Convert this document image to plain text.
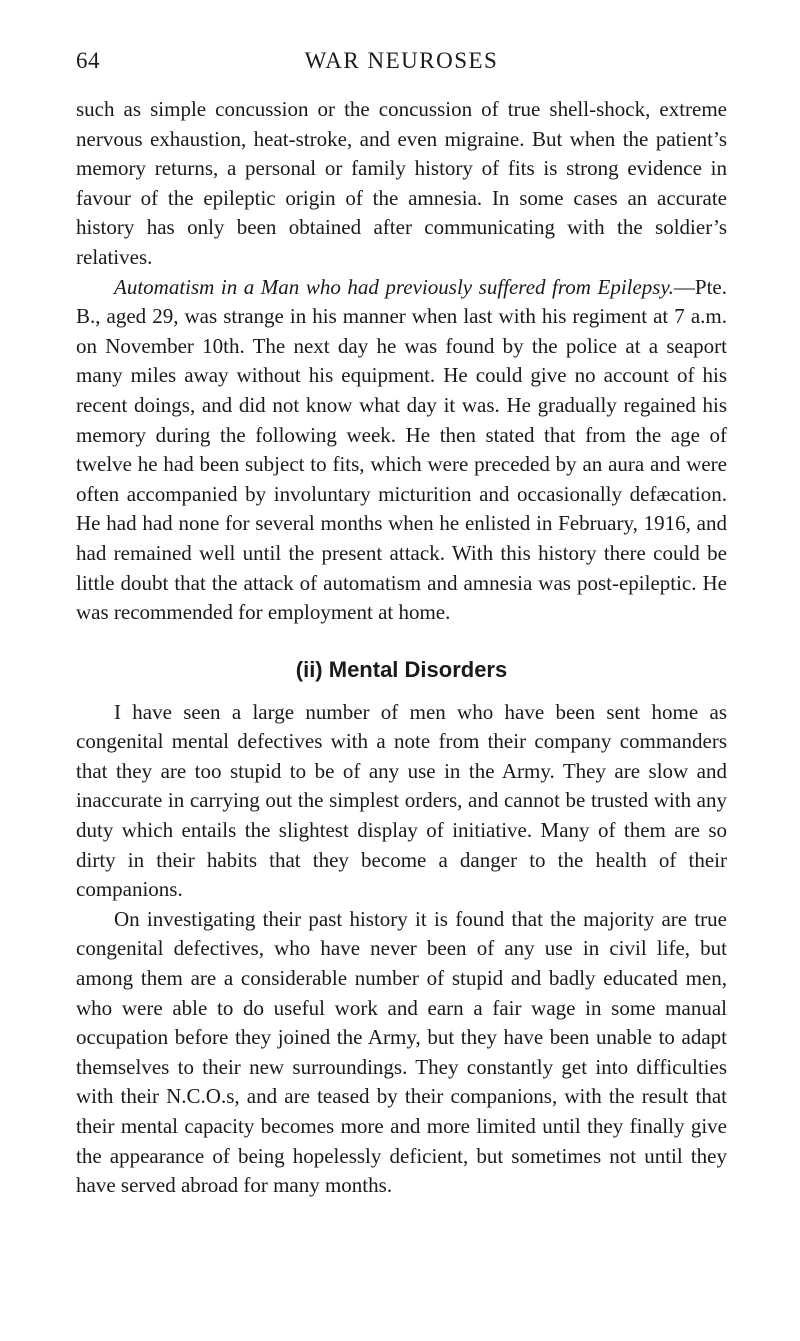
64	WAR NEUROSES

such as simple concussion or the concussion of true shell-shock, extreme nervous exhaustion, heat-stroke, and even migraine. But when the patient’s memory returns, a personal or family history of fits is strong evidence in favour of the epileptic origin of the amnesia. In some cases an accurate history has only been obtained after communicating with the soldier’s relatives.

Automatism in a Man who had previously suffered from Epilepsy.—Pte. B., aged 29, was strange in his manner when last with his regiment at 7 a.m. on November 10th. The next day he was found by the police at a seaport many miles away without his equipment. He could give no account of his recent doings, and did not know what day it was. He gradually regained his memory during the following week. He then stated that from the age of twelve he had been subject to fits, which were preceded by an aura and were often accompanied by involuntary micturition and occasionally defæcation. He had had none for several months when he enlisted in February, 1916, and had remained well until the present attack. With this history there could be little doubt that the attack of automatism and amnesia was post-epileptic. He was recommended for employment at home.

(ii) Mental Disorders

I have seen a large number of men who have been sent home as congenital mental defectives with a note from their company commanders that they are too stupid to be of any use in the Army. They are slow and inaccurate in carrying out the simplest orders, and cannot be trusted with any duty which entails the slightest display of initiative. Many of them are so dirty in their habits that they become a danger to the health of their companions.

On investigating their past history it is found that the majority are true congenital defectives, who have never been of any use in civil life, but among them are a considerable number of stupid and badly educated men, who were able to do useful work and earn a fair wage in some manual occupation before they joined the Army, but they have been unable to adapt themselves to their new surroundings. They constantly get into difficulties with their N.C.O.s, and are teased by their companions, with the result that their mental capacity becomes more and more limited until they finally give the appearance of being hopelessly deficient, but sometimes not until they have served abroad for many months.
